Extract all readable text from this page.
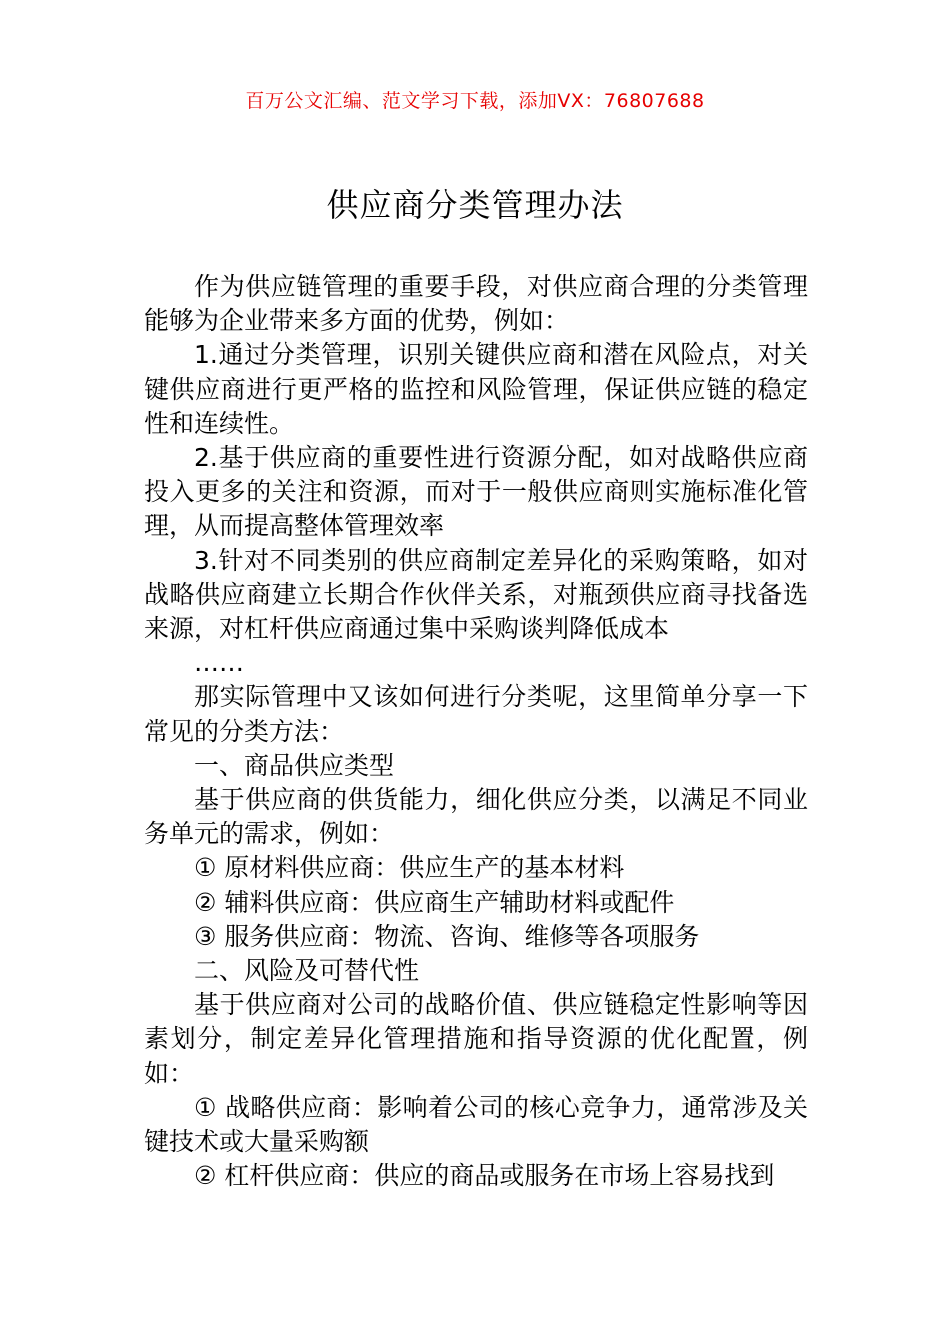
百万公文汇编、范文学习下载，添加VX：76807688
供应商分类管理办法

作为供应链管理的重要手段，对供应商合理的分类管理能够为企业带来多方面的优势，例如：

1.通过分类管理，识别关键供应商和潜在风险点，对关键供应商进行更严格的监控和风险管理，保证供应链的稳定性和连续性。

2.基于供应商的重要性进行资源分配，如对战略供应商投入更多的关注和资源，而对于一般供应商则实施标准化管理，从而提高整体管理效率

3.针对不同类别的供应商制定差异化的采购策略，如对战略供应商建立长期合作伙伴关系，对瓶颈供应商寻找备选来源，对杠杆供应商通过集中采购谈判降低成本

……

那实际管理中又该如何进行分类呢，这里简单分享一下常见的分类方法：

一、商品供应类型

基于供应商的供货能力，细化供应分类，以满足不同业务单元的需求，例如：

① 原材料供应商：供应生产的基本材料

② 辅料供应商：供应商生产辅助材料或配件

③ 服务供应商：物流、咨询、维修等各项服务

二、风险及可替代性

基于供应商对公司的战略价值、供应链稳定性影响等因素划分，制定差异化管理措施和指导资源的优化配置，例如：

① 战略供应商：影响着公司的核心竞争力，通常涉及关键技术或大量采购额

② 杠杆供应商：供应的商品或服务在市场上容易找到
